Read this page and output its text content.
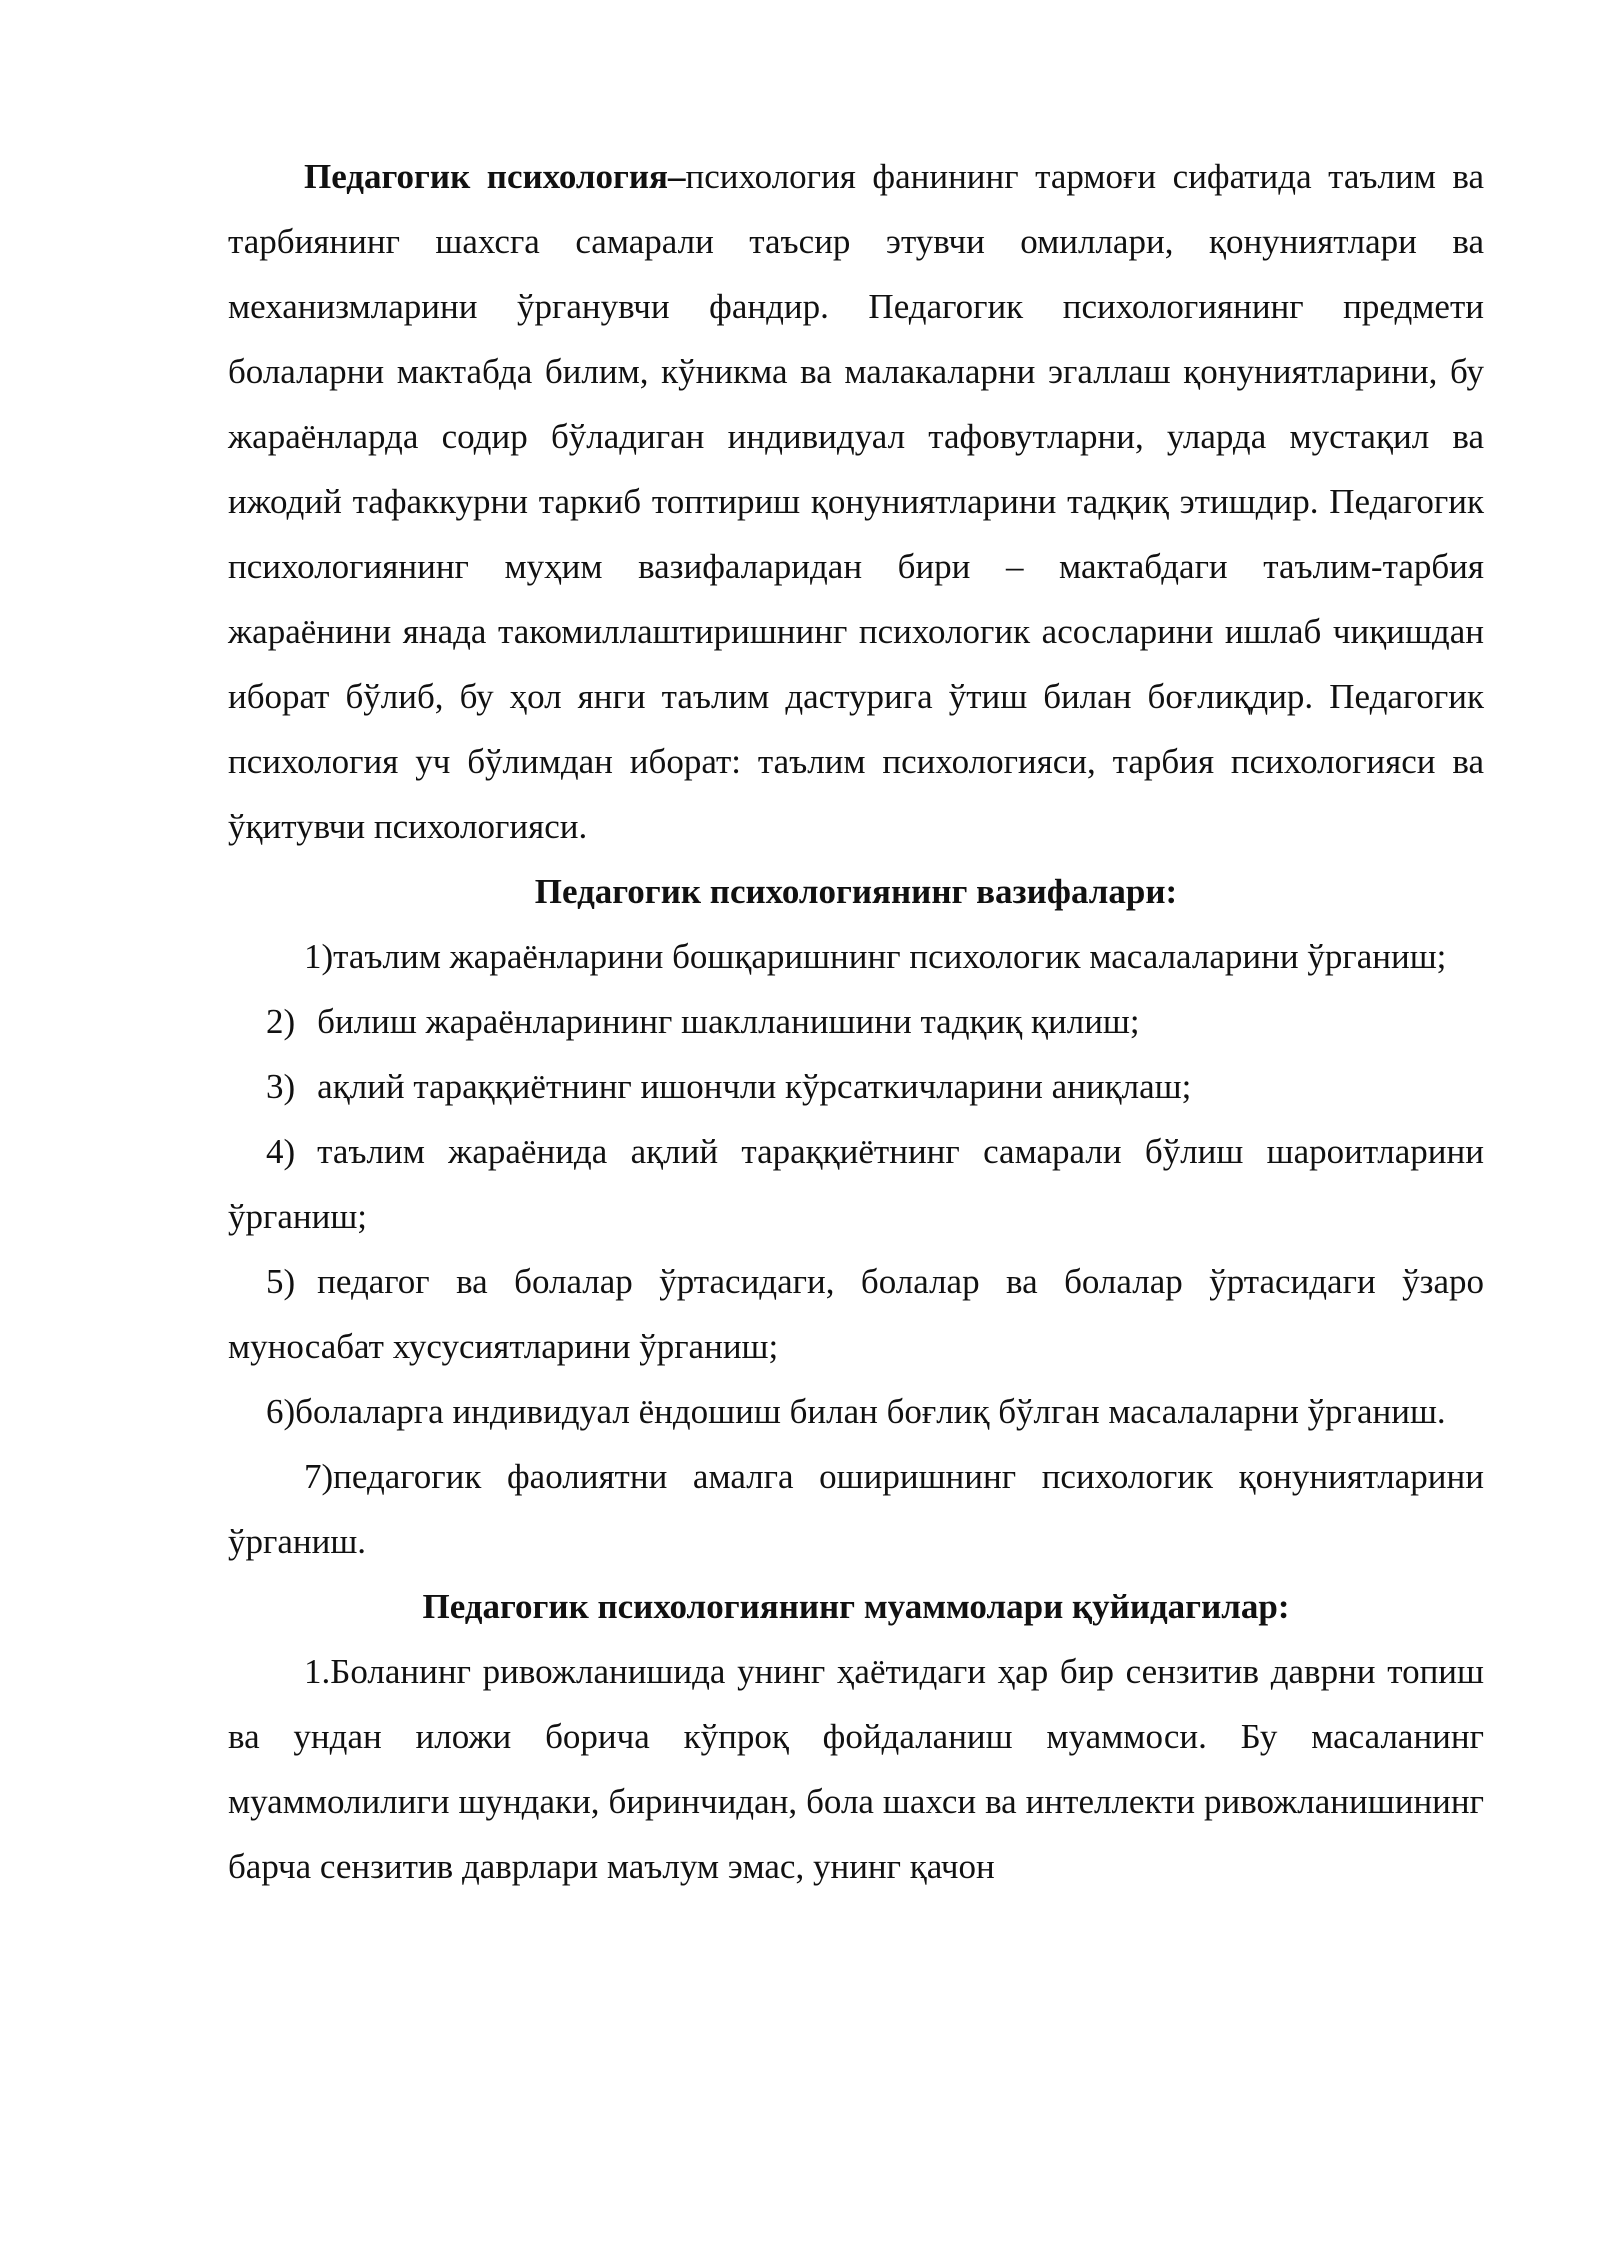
Педагогик психология–психология фанининг тармоғи сифатида таълим ва тарбиянинг шахсга самарали таъсир этувчи омиллари, қонуниятлари ва механизмларини ўрганувчи фандир. Педагогик психологиянинг предмети болаларни мактабда билим, кўникма ва малакаларни эгаллаш қонуниятларини, бу жараёнларда содир бўладиган индивидуал тафовутларни, уларда мустақил ва ижодий тафаккурни таркиб топтириш қонуниятларини тадқиқ этишдир. Педагогик психологиянинг муҳим вазифаларидан бири – мактабдаги таълим-тарбия жараёнини янада такомиллаштиришнинг психологик асосларини ишлаб чиқишдан иборат бўлиб, бу ҳол янги таълим дастурига ўтиш билан боғлиқдир. Педагогик психология уч бўлимдан иборат: таълим психологияси, тарбия психологияси ва ўқитувчи психологияси.

Педагогик психологиянинг вазифалари:

1)таълим жараёнларини бошқаришнинг психологик масалаларини ўрганиш;

2) билиш жараёнларининг шаклланишини тадқиқ қилиш;

3) ақлий тараққиётнинг ишончли кўрсаткичларини аниқлаш;

4) таълим жараёнида ақлий тараққиётнинг самарали бўлиш шароитларини ўрганиш;

5) педагог ва болалар ўртасидаги, болалар ва болалар ўртасидаги ўзаро муносабат хусусиятларини ўрганиш;

6)болаларга индивидуал ёндошиш билан боғлиқ бўлган масалаларни ўрганиш.

7)педагогик фаолиятни амалга оширишнинг психологик қонуниятларини ўрганиш.

Педагогик психологиянинг муаммолари қуйидагилар:

1.Боланинг ривожланишида унинг ҳаётидаги ҳар бир сензитив даврни топиш ва ундан иложи борича кўпроқ фойдаланиш муаммоси. Бу масаланинг муаммолилиги шундаки, биринчидан, бола шахси ва интеллекти ривожланишининг барча сензитив даврлари маълум эмас, унинг қачон
